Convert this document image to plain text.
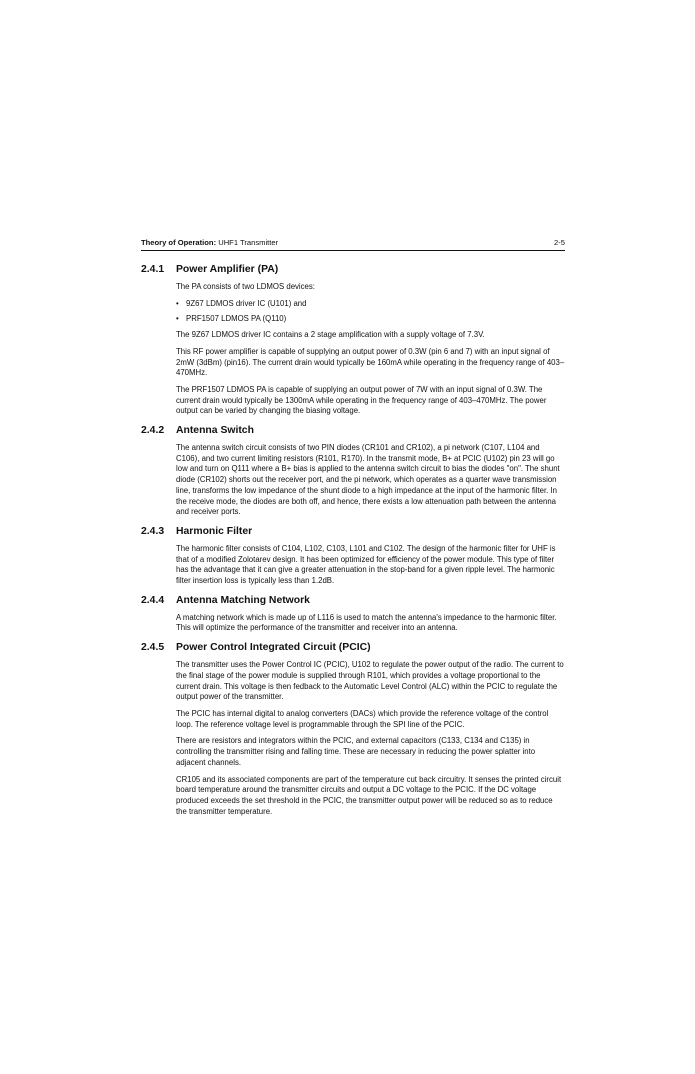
Theory of Operation: UHF1 Transmitter	2-5
2.4.1 Power Amplifier (PA)

The PA consists of two LDMOS devices:

• 9Z67 LDMOS driver IC (U101) and
• PRF1507 LDMOS PA (Q110)

The 9Z67 LDMOS driver IC contains a 2 stage amplification with a supply voltage of 7.3V.

This RF power amplifier is capable of supplying an output power of 0.3W (pin 6 and 7) with an input signal of 2mW (3dBm) (pin16). The current drain would typically be 160mA while operating in the frequency range of 403–470MHz.

The PRF1507 LDMOS PA is capable of supplying an output power of 7W with an input signal of 0.3W. The current drain would typically be 1300mA while operating in the frequency range of 403–470MHz. The power output can be varied by changing the biasing voltage.

2.4.2 Antenna Switch

The antenna switch circuit consists of two PIN diodes (CR101 and CR102), a pi network (C107, L104 and C106), and two current limiting resistors (R101, R170). In the transmit mode, B+ at PCIC (U102) pin 23 will go low and turn on Q111 where a B+ bias is applied to the antenna switch circuit to bias the diodes "on". The shunt diode (CR102) shorts out the receiver port, and the pi network, which operates as a quarter wave transmission line, transforms the low impedance of the shunt diode to a high impedance at the input of the harmonic filter. In the receive mode, the diodes are both off, and hence, there exists a low attenuation path between the antenna and receiver ports.

2.4.3 Harmonic Filter

The harmonic filter consists of C104, L102, C103, L101 and C102. The design of the harmonic filter for UHF is that of a modified Zolotarev design. It has been optimized for efficiency of the power module. This type of filter has the advantage that it can give a greater attenuation in the stop-band for a given ripple level. The harmonic filter insertion loss is typically less than 1.2dB.

2.4.4 Antenna Matching Network

A matching network which is made up of L116 is used to match the antenna's impedance to the harmonic filter. This will optimize the performance of the transmitter and receiver into an antenna.

2.4.5 Power Control Integrated Circuit (PCIC)

The transmitter uses the Power Control IC (PCIC), U102 to regulate the power output of the radio. The current to the final stage of the power module is supplied through R101, which provides a voltage proportional to the current drain. This voltage is then fedback to the Automatic Level Control (ALC) within the PCIC to regulate the output power of the transmitter.

The PCIC has internal digital to analog converters (DACs) which provide the reference voltage of the control loop. The reference voltage level is programmable through the SPI line of the PCIC.

There are resistors and integrators within the PCIC, and external capacitors (C133, C134 and C135) in controlling the transmitter rising and falling time. These are necessary in reducing the power splatter into adjacent channels.

CR105 and its associated components are part of the temperature cut back circuitry. It senses the printed circuit board temperature around the transmitter circuits and output a DC voltage to the PCIC. If the DC voltage produced exceeds the set threshold in the PCIC, the transmitter output power will be reduced so as to reduce the transmitter temperature.
